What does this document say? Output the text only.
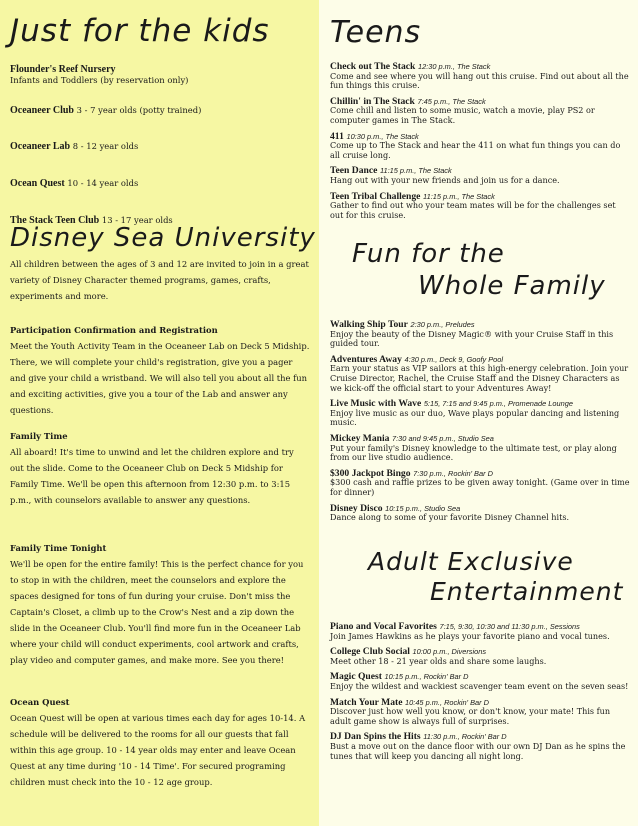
Just for the kids

Flounder's Reef Nursery

Infants and Toddlers (by reservation only)

Oceaneer Club 3 - 7 year olds (potty trained)

Oceaneer Lab 8 - 12 year olds

Ocean Quest 10 - 14 year olds

The Stack Teen Club 13 - 17 year olds

Disney Sea University
All children between the ages of 3 and 12 are invited to join in a great variety of Disney Character themed programs, games, crafts, experiments and more.

Participation Confirmation and Registration

Meet the Youth Activity Team in the Oceaneer Lab on Deck 5 Midship. There, we will complete your child's registration, give you a pager and give your child a wristband. We will also tell you about all the fun and exciting activities, give you a tour of the Lab and answer any questions.

Family Time

All aboard! It's time to unwind and let the children explore and try out the slide. Come to the Oceaneer Club on Deck 5 Midship for Family Time. We'll be open this afternoon from 12:30 p.m. to 3:15 p.m., with counselors available to answer any questions.

Family Time Tonight

We'll be open for the entire family! This is the perfect chance for you to stop in with the children, meet the counselors and explore the spaces designed for tons of fun during your cruise. Don't miss the Captain's Closet, a climb up to the Crow's Nest and a zip down the slide in the Oceaneer Club. You'll find more fun in the Oceaneer Lab where your child will conduct experiments, cool artwork and crafts, play video and computer games, and make more. See you there!

Ocean Quest

Ocean Quest will be open at various times each day for ages 10-14. A schedule will be delivered to the rooms for all our guests that fall within this age group. 10 - 14 year olds may enter and leave Ocean Quest at any time during '10 - 14 Time'. For secured programing children must check into the 10 - 12 age group.

Teens
Check out The Stack 12:30 p.m., The Stack
Come and see where you will hang out this cruise. Find out about all the fun things this cruise.
Chillin' in The Stack 7:45 p.m., The Stack
Come chill and listen to some music, watch a movie, play PS2 or computer games in The Stack.
411 10:30 p.m., The Stack
Come up to The Stack and hear the 411 on what fun things you can do all cruise long.
Teen Dance 11:15 p.m., The Stack
Hang out with your new friends and join us for a dance.
Teen Tribal Challenge 11:15 p.m., The Stack
Gather to find out who your team mates will be for the challenges set out for this cruise.
Fun for the
Whole Family
Walking Ship Tour 2:30 p.m., Preludes
Enjoy the beauty of the Disney Magic® with your Cruise Staff in this guided tour.
Adventures Away 4:30 p.m., Deck 9, Goofy Pool
Earn your status as VIP sailors at this high-energy celebration. Join your Cruise Director, Rachel, the Cruise Staff and the Disney Characters as we kick-off the official start to your Adventures Away!
Live Music with Wave 5:15, 7:15 and 9:45 p.m., Promenade Lounge
Enjoy live music as our duo, Wave plays popular dancing and listening music.
Mickey Mania 7:30 and 9:45 p.m., Studio Sea
Put your family's Disney knowledge to the ultimate test, or play along from our live studio audience.
$300 Jackpot Bingo 7:30 p.m., Rockin' Bar D
$300 cash and raffle prizes to be given away tonight. (Game over in time for dinner)
Disney Disco 10:15 p.m., Studio Sea
Dance along to some of your favorite Disney Channel hits.
Adult Exclusive
Entertainment
Piano and Vocal Favorites 7:15, 9:30, 10:30 and 11:30 p.m., Sessions
Join James Hawkins as he plays your favorite piano and vocal tunes.
College Club Social 10:00 p.m., Diversions
Meet other 18 - 21 year olds and share some laughs.
Magic Quest 10:15 p.m., Rockin' Bar D
Enjoy the wildest and wackiest scavenger team event on the seven seas!
Match Your Mate 10:45 p.m., Rockin' Bar D
Discover just how well you know, or don't know, your mate! This fun adult game show is always full of surprises.
DJ Dan Spins the Hits 11:30 p.m., Rockin' Bar D
Bust a move out on the dance floor with our own DJ Dan as he spins the tunes that will keep you dancing all night long.
